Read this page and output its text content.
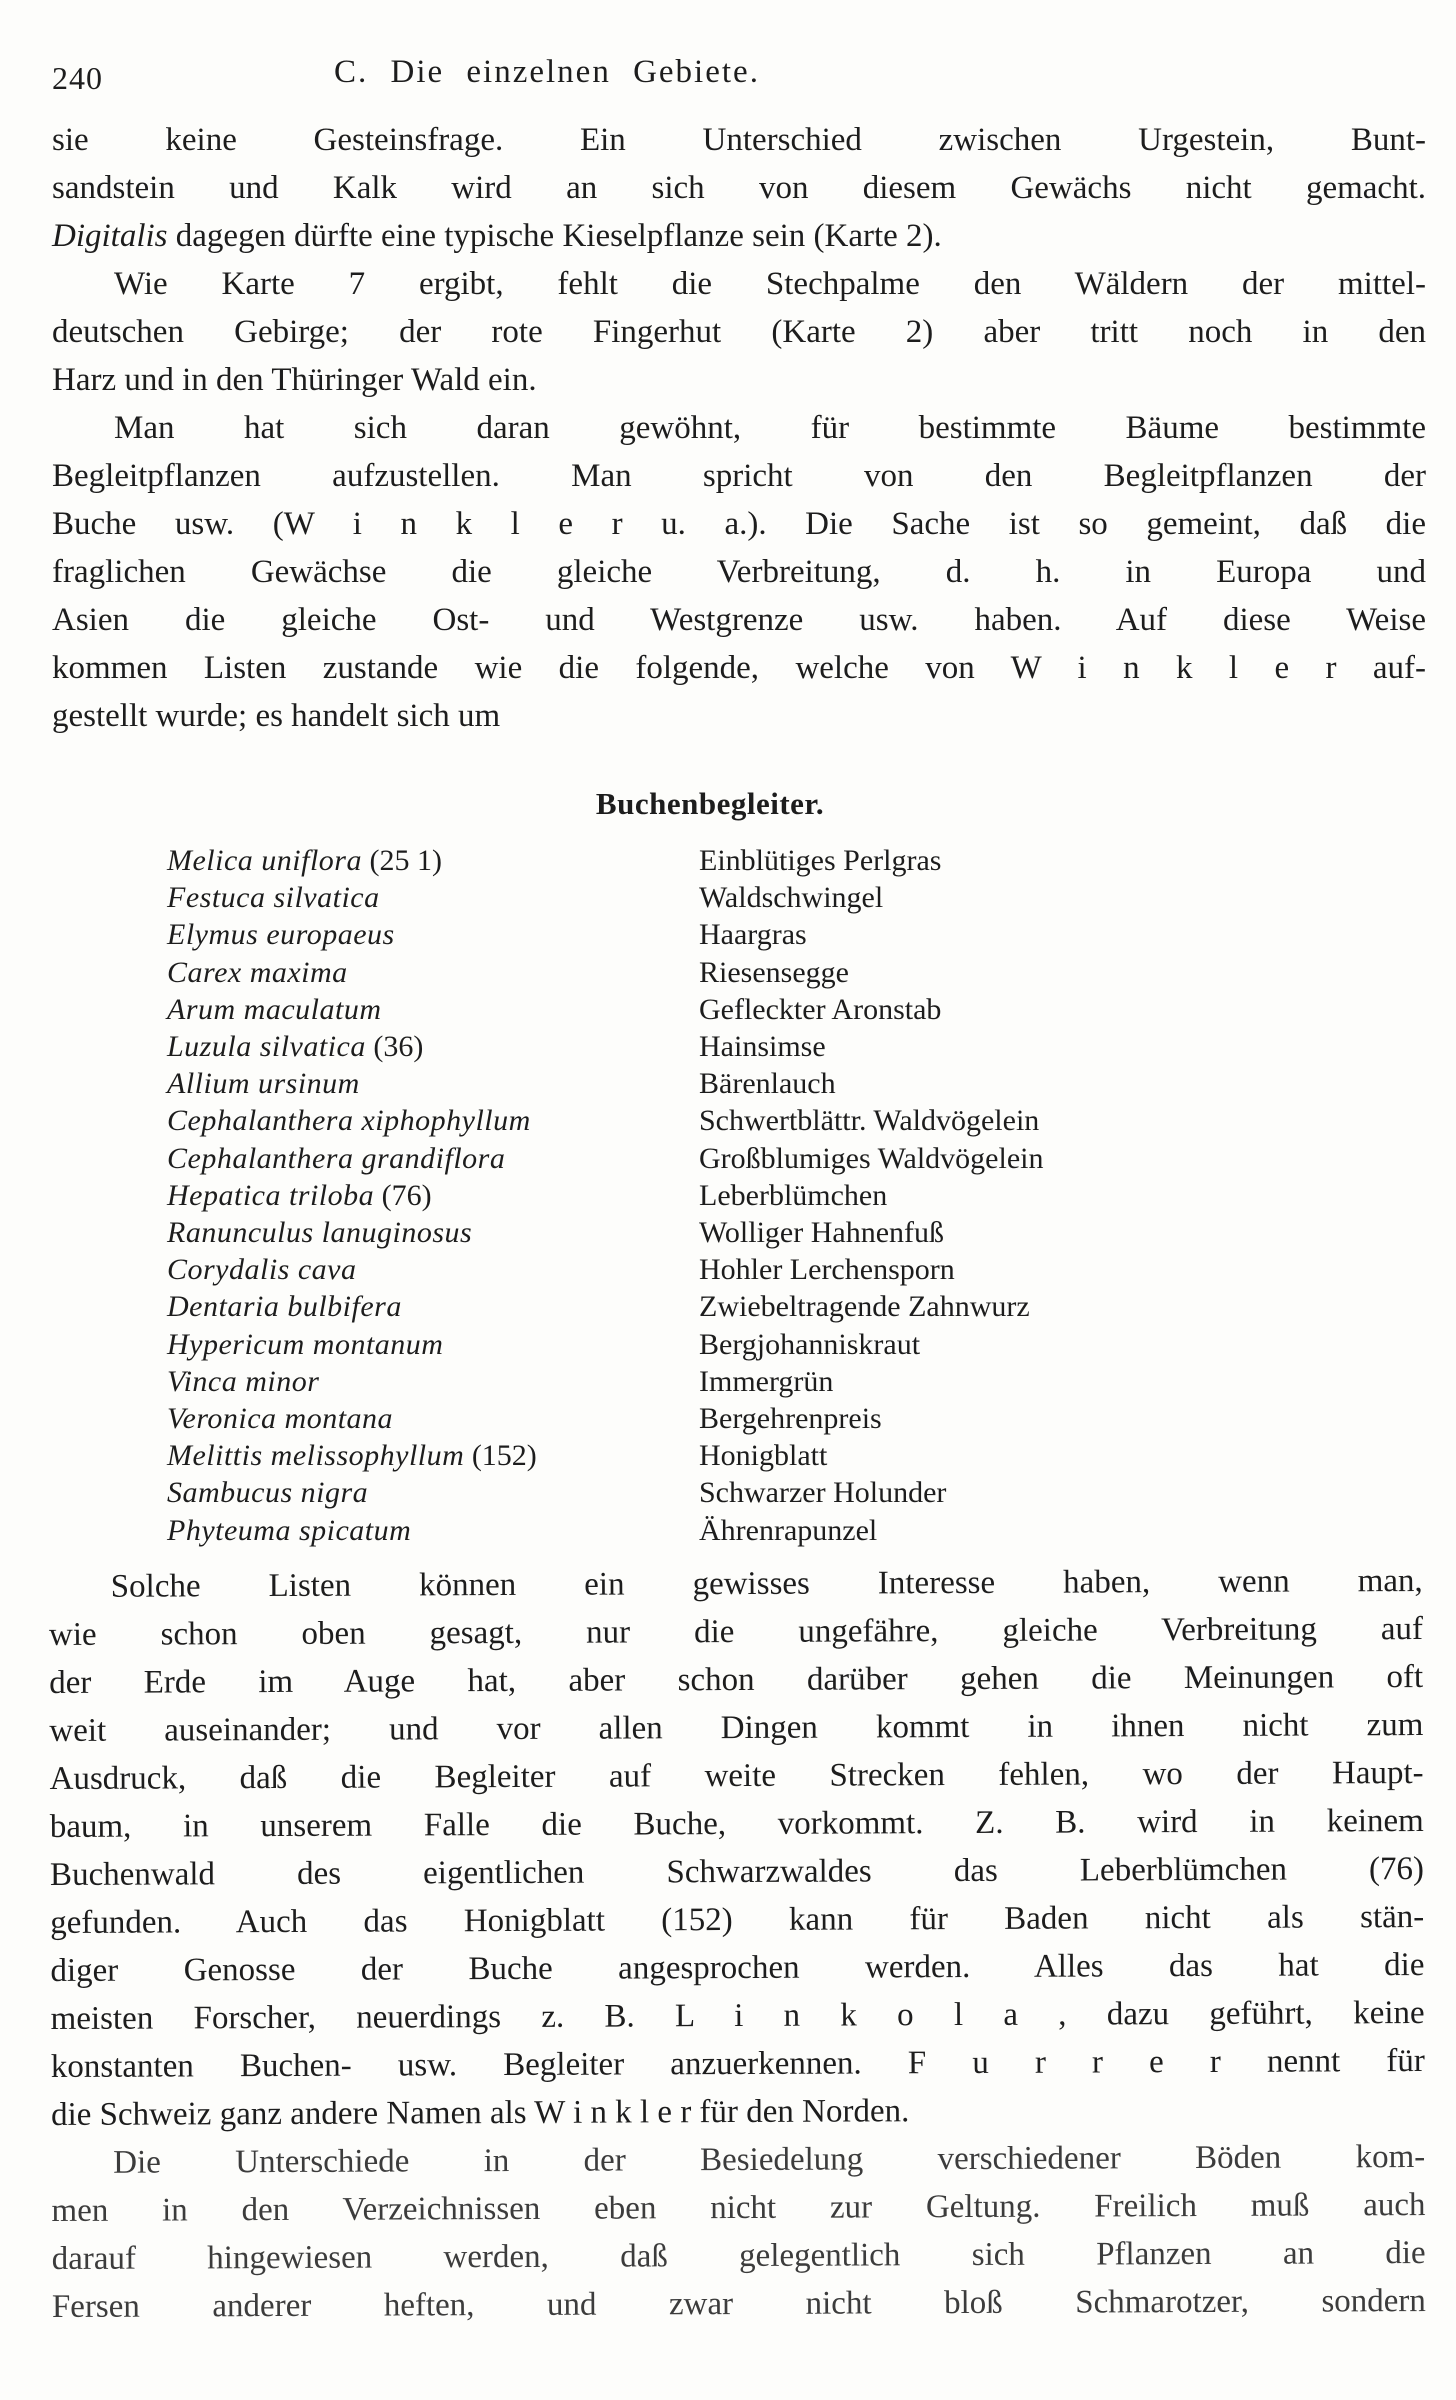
240	C. Die einzelnen Gebiete.
sie keine Gesteinsfrage. Ein Unterschied zwischen Urgestein, Bunt-
sandstein und Kalk wird an sich von diesem Gewächs nicht gemacht.
Digitalis dagegen dürfte eine typische Kieselpflanze sein (Karte 2).
Wie Karte 7 ergibt, fehlt die Stechpalme den Wäldern der mittel-
deutschen Gebirge; der rote Fingerhut (Karte 2) aber tritt noch in den
Harz und in den Thüringer Wald ein.
Man hat sich daran gewöhnt, für bestimmte Bäume bestimmte
Begleitpflanzen aufzustellen. Man spricht von den Begleitpflanzen der
Buche usw. (W i n k l e r u. a.). Die Sache ist so gemeint, daß die
fraglichen Gewächse die gleiche Verbreitung, d. h. in Europa und
Asien die gleiche Ost- und Westgrenze usw. haben. Auf diese Weise
kommen Listen zustande wie die folgende, welche von W i n k l e r auf-
gestellt wurde; es handelt sich um
Buchenbegleiter.
Melica uniflora (25 1)	Einblütiges Perlgras
Festuca silvatica	Waldschwingel
Elymus europaeus	Haargras
Carex maxima	Riesensegge
Arum maculatum	Gefleckter Aronstab
Luzula silvatica (36)	Hainsimse
Allium ursinum	Bärenlauch
Cephalanthera xiphophyllum	Schwertblättr. Waldvögelein
Cephalanthera grandiflora	Großblumiges Waldvögelein
Hepatica triloba (76)	Leberblümchen
Ranunculus lanuginosus	Wolliger Hahnenfuß
Corydalis cava	Hohler Lerchensporn
Dentaria bulbifera	Zwiebeltragende Zahnwurz
Hypericum montanum	Bergjohanniskraut
Vinca minor	Immergrün
Veronica montana	Bergehrenpreis
Melittis melissophyllum (152)	Honigblatt
Sambucus nigra	Schwarzer Holunder
Phyteuma spicatum	Ährenrapunzel
Solche Listen können ein gewisses Interesse haben, wenn man,
wie schon oben gesagt, nur die ungefähre, gleiche Verbreitung auf
der Erde im Auge hat, aber schon darüber gehen die Meinungen oft
weit auseinander; und vor allen Dingen kommt in ihnen nicht zum
Ausdruck, daß die Begleiter auf weite Strecken fehlen, wo der Haupt-
baum, in unserem Falle die Buche, vorkommt. Z. B. wird in keinem
Buchenwald des eigentlichen Schwarzwaldes das Leberblümchen (76)
gefunden. Auch das Honigblatt (152) kann für Baden nicht als stän-
diger Genosse der Buche angesprochen werden. Alles das hat die
meisten Forscher, neuerdings z. B. L i n k o l a , dazu geführt, keine
konstanten Buchen- usw. Begleiter anzuerkennen. F u r r e r nennt für
die Schweiz ganz andere Namen als W i n k l e r für den Norden.
Die Unterschiede in der Besiedelung verschiedener Böden kom-
men in den Verzeichnissen eben nicht zur Geltung. Freilich muß auch
darauf hingewiesen werden, daß gelegentlich sich Pflanzen an die
Fersen anderer heften, und zwar nicht bloß Schmarotzer, sondern
